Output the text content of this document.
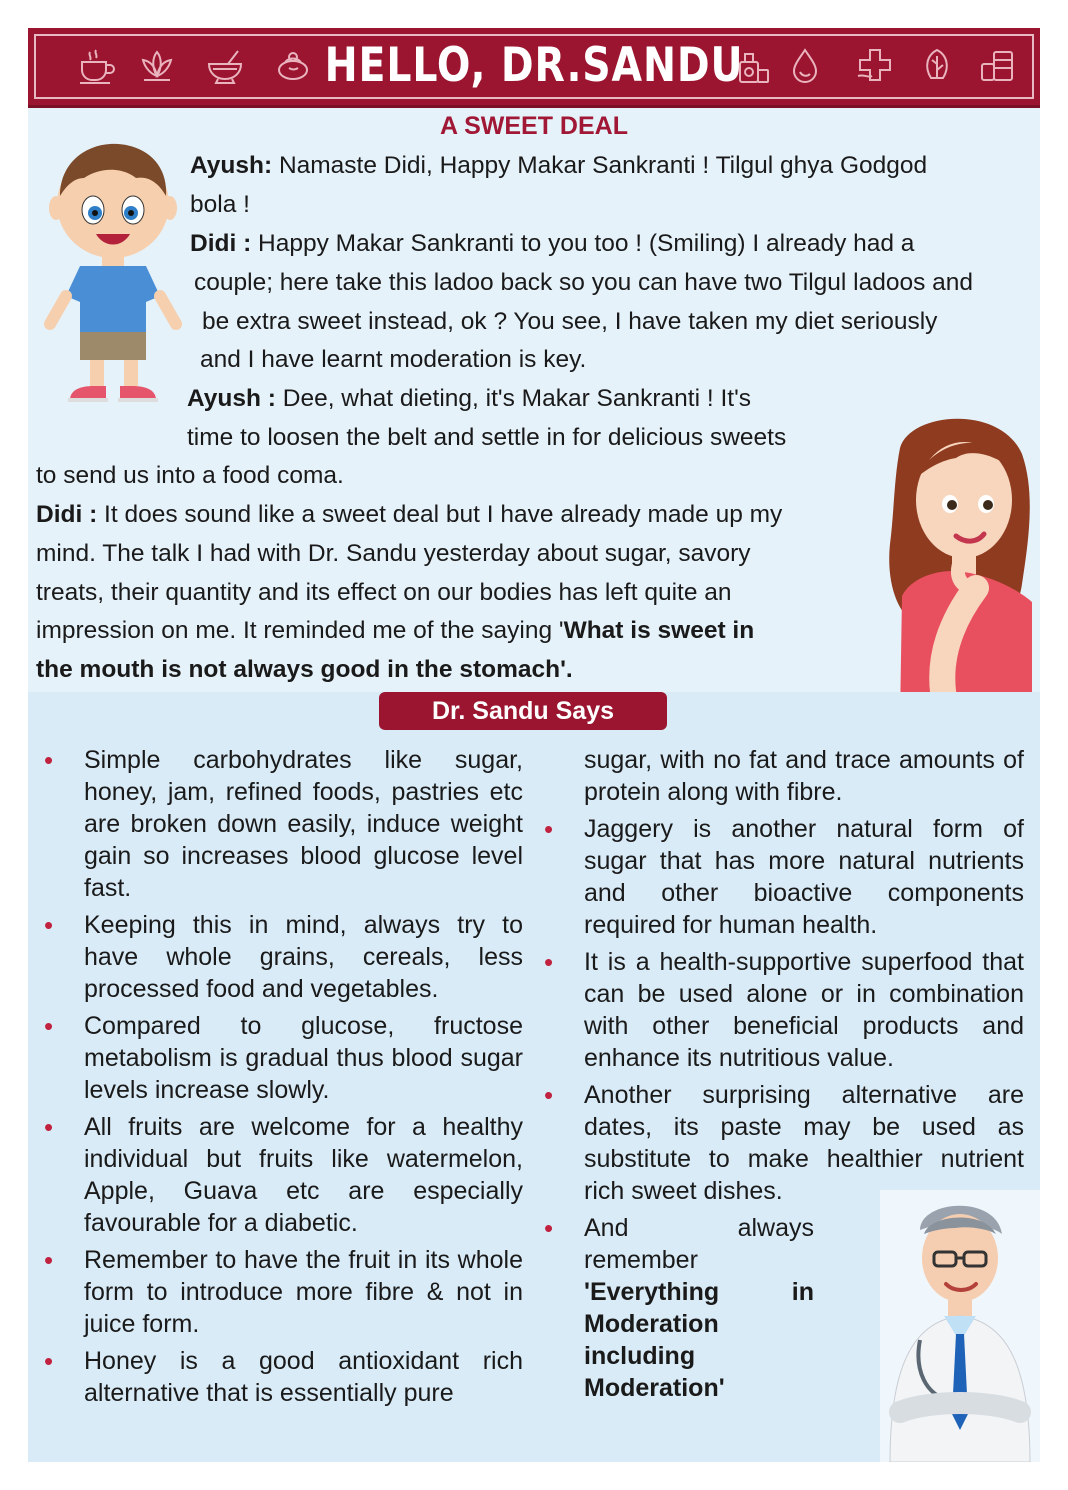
HELLO, DR.SANDU
A SWEET DEAL
Ayush: Namaste Didi, Happy Makar Sankranti ! Tilgul ghya Godgod
bola !
Didi : Happy Makar Sankranti to you too ! (Smiling) I already had a
couple; here take this ladoo back so you can have two Tilgul ladoos and
be extra sweet instead, ok ? You see, I have taken my diet seriously
and I have learnt moderation is key.
Ayush : Dee, what dieting, it's Makar Sankranti ! It's
time to loosen the belt and settle in for delicious sweets
to send us into a food coma.
Didi : It does sound like a sweet deal but I have already made up my
mind. The talk I had with Dr. Sandu yesterday about sugar, savory
treats, their quantity and its effect on our bodies has left quite an
impression on me. It reminded me of the saying 'What is sweet in
the mouth is not always good in the stomach'.
Dr. Sandu Says
• Simple carbohydrates like sugar, honey, jam, refined foods, pastries etc are broken down easily, induce weight gain so increases blood glucose level fast.
• Keeping this in mind, always try to have whole grains, cereals, less processed food and vegetables.
• Compared to glucose, fructose metabolism is gradual thus blood sugar levels increase slowly.
• All fruits are welcome for a healthy individual but fruits like watermelon, Apple, Guava etc are especially favourable for a diabetic.
• Remember to have the fruit in its whole form to introduce more fibre & not in juice form.
• Honey is a good antioxidant rich alternative that is essentially pure
sugar, with no fat and trace amounts of protein along with fibre.
• Jaggery is another natural form of sugar that has more natural nutrients and other bioactive components required for human health.
• It is a health-supportive superfood that can be used alone or in combination with other beneficial products and enhance its nutritious value.
• Another surprising alternative are dates, its paste may be used as substitute to make healthier nutrient rich sweet dishes.
• And always remember
'Everything in Moderation including Moderation'
